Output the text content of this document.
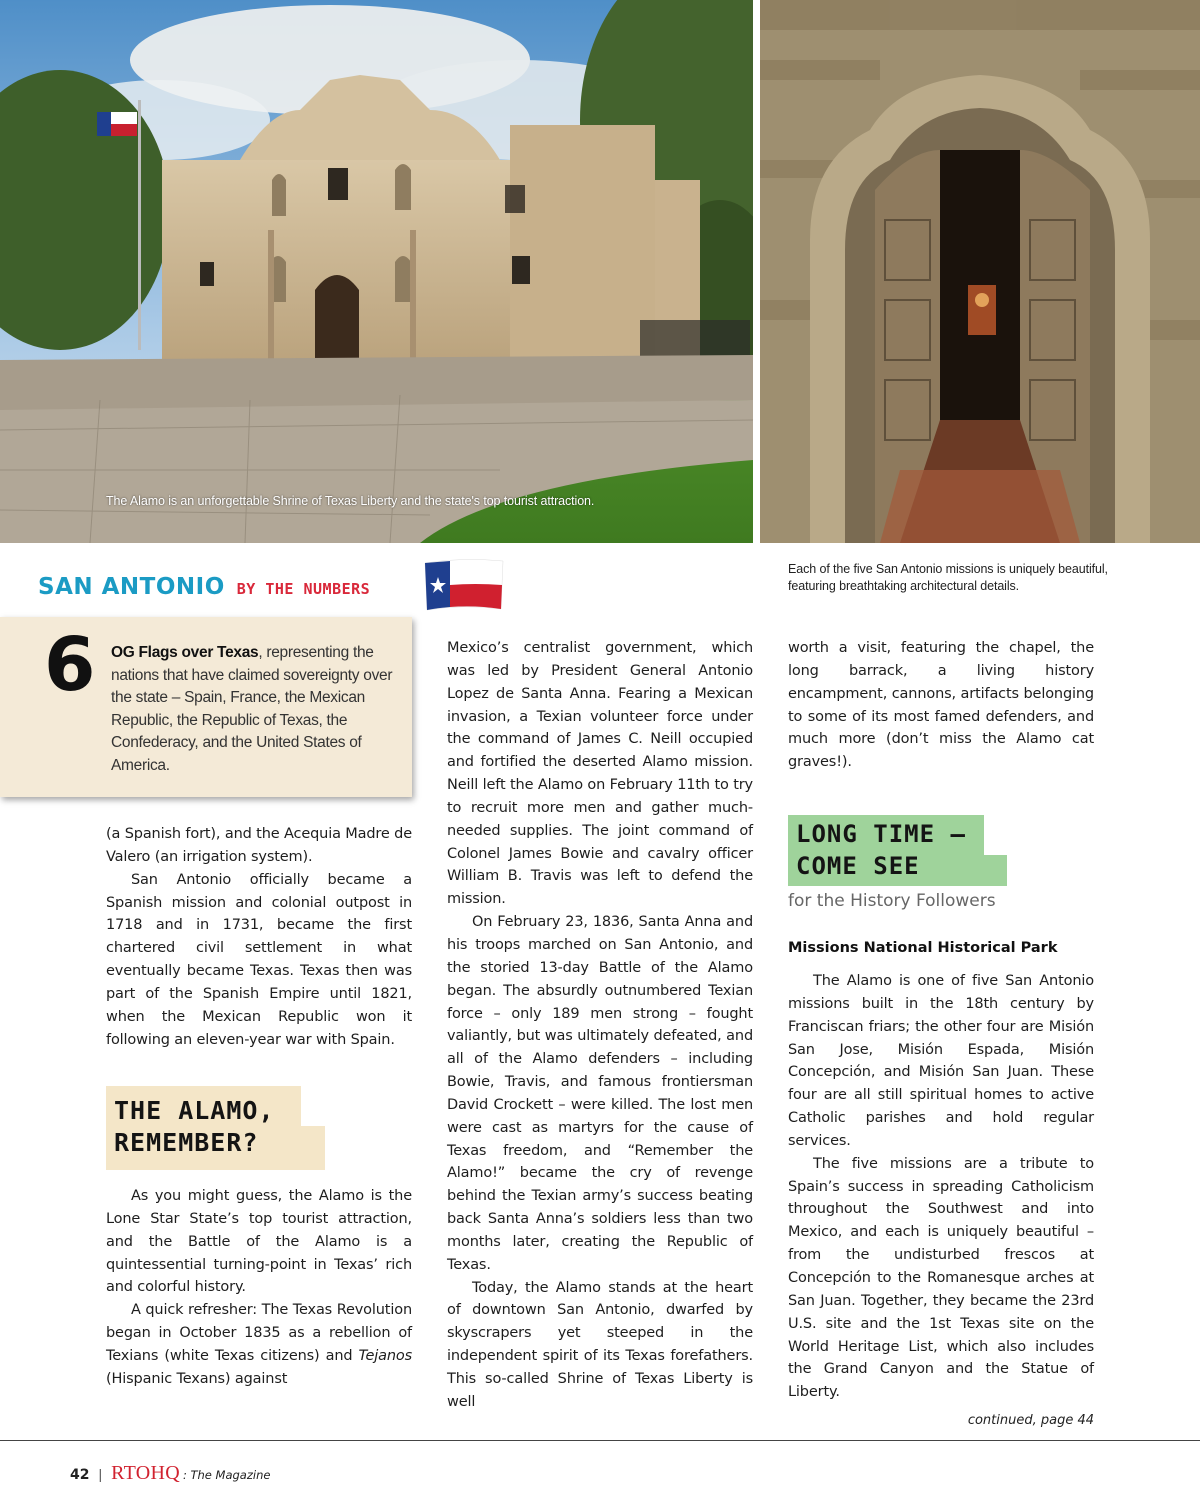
The Alamo is an unforgettable Shrine of Texas Liberty and the state's top tourist attraction.
Each of the five San Antonio missions is uniquely beautiful, featuring breathtaking architectural details.
SAN ANTONIO BY THE NUMBERS
6 OG Flags over Texas, representing the nations that have claimed sovereignty over the state – Spain, France, the Mexican Republic, the Republic of Texas, the Confederacy, and the United States of America.

(a Spanish fort), and the Acequia Madre de Valero (an irrigation system).

San Antonio officially became a Spanish mission and colonial outpost in 1718 and in 1731, became the first chartered civil settlement in what eventually became Texas. Texas then was part of the Spanish Empire until 1821, when the Mexican Republic won it following an eleven-year war with Spain.

THE ALAMO,
REMEMBER?

As you might guess, the Alamo is the Lone Star State’s top tourist attraction, and the Battle of the Alamo is a quintessential turning-point in Texas’ rich and colorful history.

A quick refresher: The Texas Revolution began in October 1835 as a rebellion of Texians (white Texas citizens) and Tejanos (Hispanic Texans) against

Mexico’s centralist government, which was led by President General Antonio Lopez de Santa Anna. Fearing a Mexican invasion, a Texian volunteer force under the command of James C. Neill occupied and fortified the deserted Alamo mission. Neill left the Alamo on February 11th to try to recruit more men and gather much-needed supplies. The joint command of Colonel James Bowie and cavalry officer William B. Travis was left to defend the mission.

On February 23, 1836, Santa Anna and his troops marched on San Antonio, and the storied 13-day Battle of the Alamo began. The absurdly outnumbered Texian force – only 189 men strong – fought valiantly, but was ultimately defeated, and all of the Alamo defenders – including Bowie, Travis, and famous frontiersman David Crockett – were killed. The lost men were cast as martyrs for the cause of Texas freedom, and “Remember the Alamo!” became the cry of revenge behind the Texian army’s success beating back Santa Anna’s soldiers less than two months later, creating the Republic of Texas.

Today, the Alamo stands at the heart of downtown San Antonio, dwarfed by skyscrapers yet steeped in the independent spirit of its Texas forefathers. This so-called Shrine of Texas Liberty is well

worth a visit, featuring the chapel, the long barrack, a living history encampment, cannons, artifacts belonging to some of its most famed defenders, and much more (don’t miss the Alamo cat graves!).

LONG TIME –
COME SEE
for the History Followers
Missions National Historical Park

The Alamo is one of five San Antonio missions built in the 18th century by Franciscan friars; the other four are Misión San Jose, Misión Espada, Misión Concepción, and Misión San Juan. These four are all still spiritual homes to active Catholic parishes and hold regular services.

The five missions are a tribute to Spain’s success in spreading Catholicism throughout the Southwest and into Mexico, and each is uniquely beautiful – from the undisturbed frescos at Concepción to the Romanesque arches at San Juan. Together, they became the 23rd U.S. site and the 1st Texas site on the World Heritage List, which also includes the Grand Canyon and the Statue of Liberty.

continued, page 44
42 | RTOHQ : The Magazine
